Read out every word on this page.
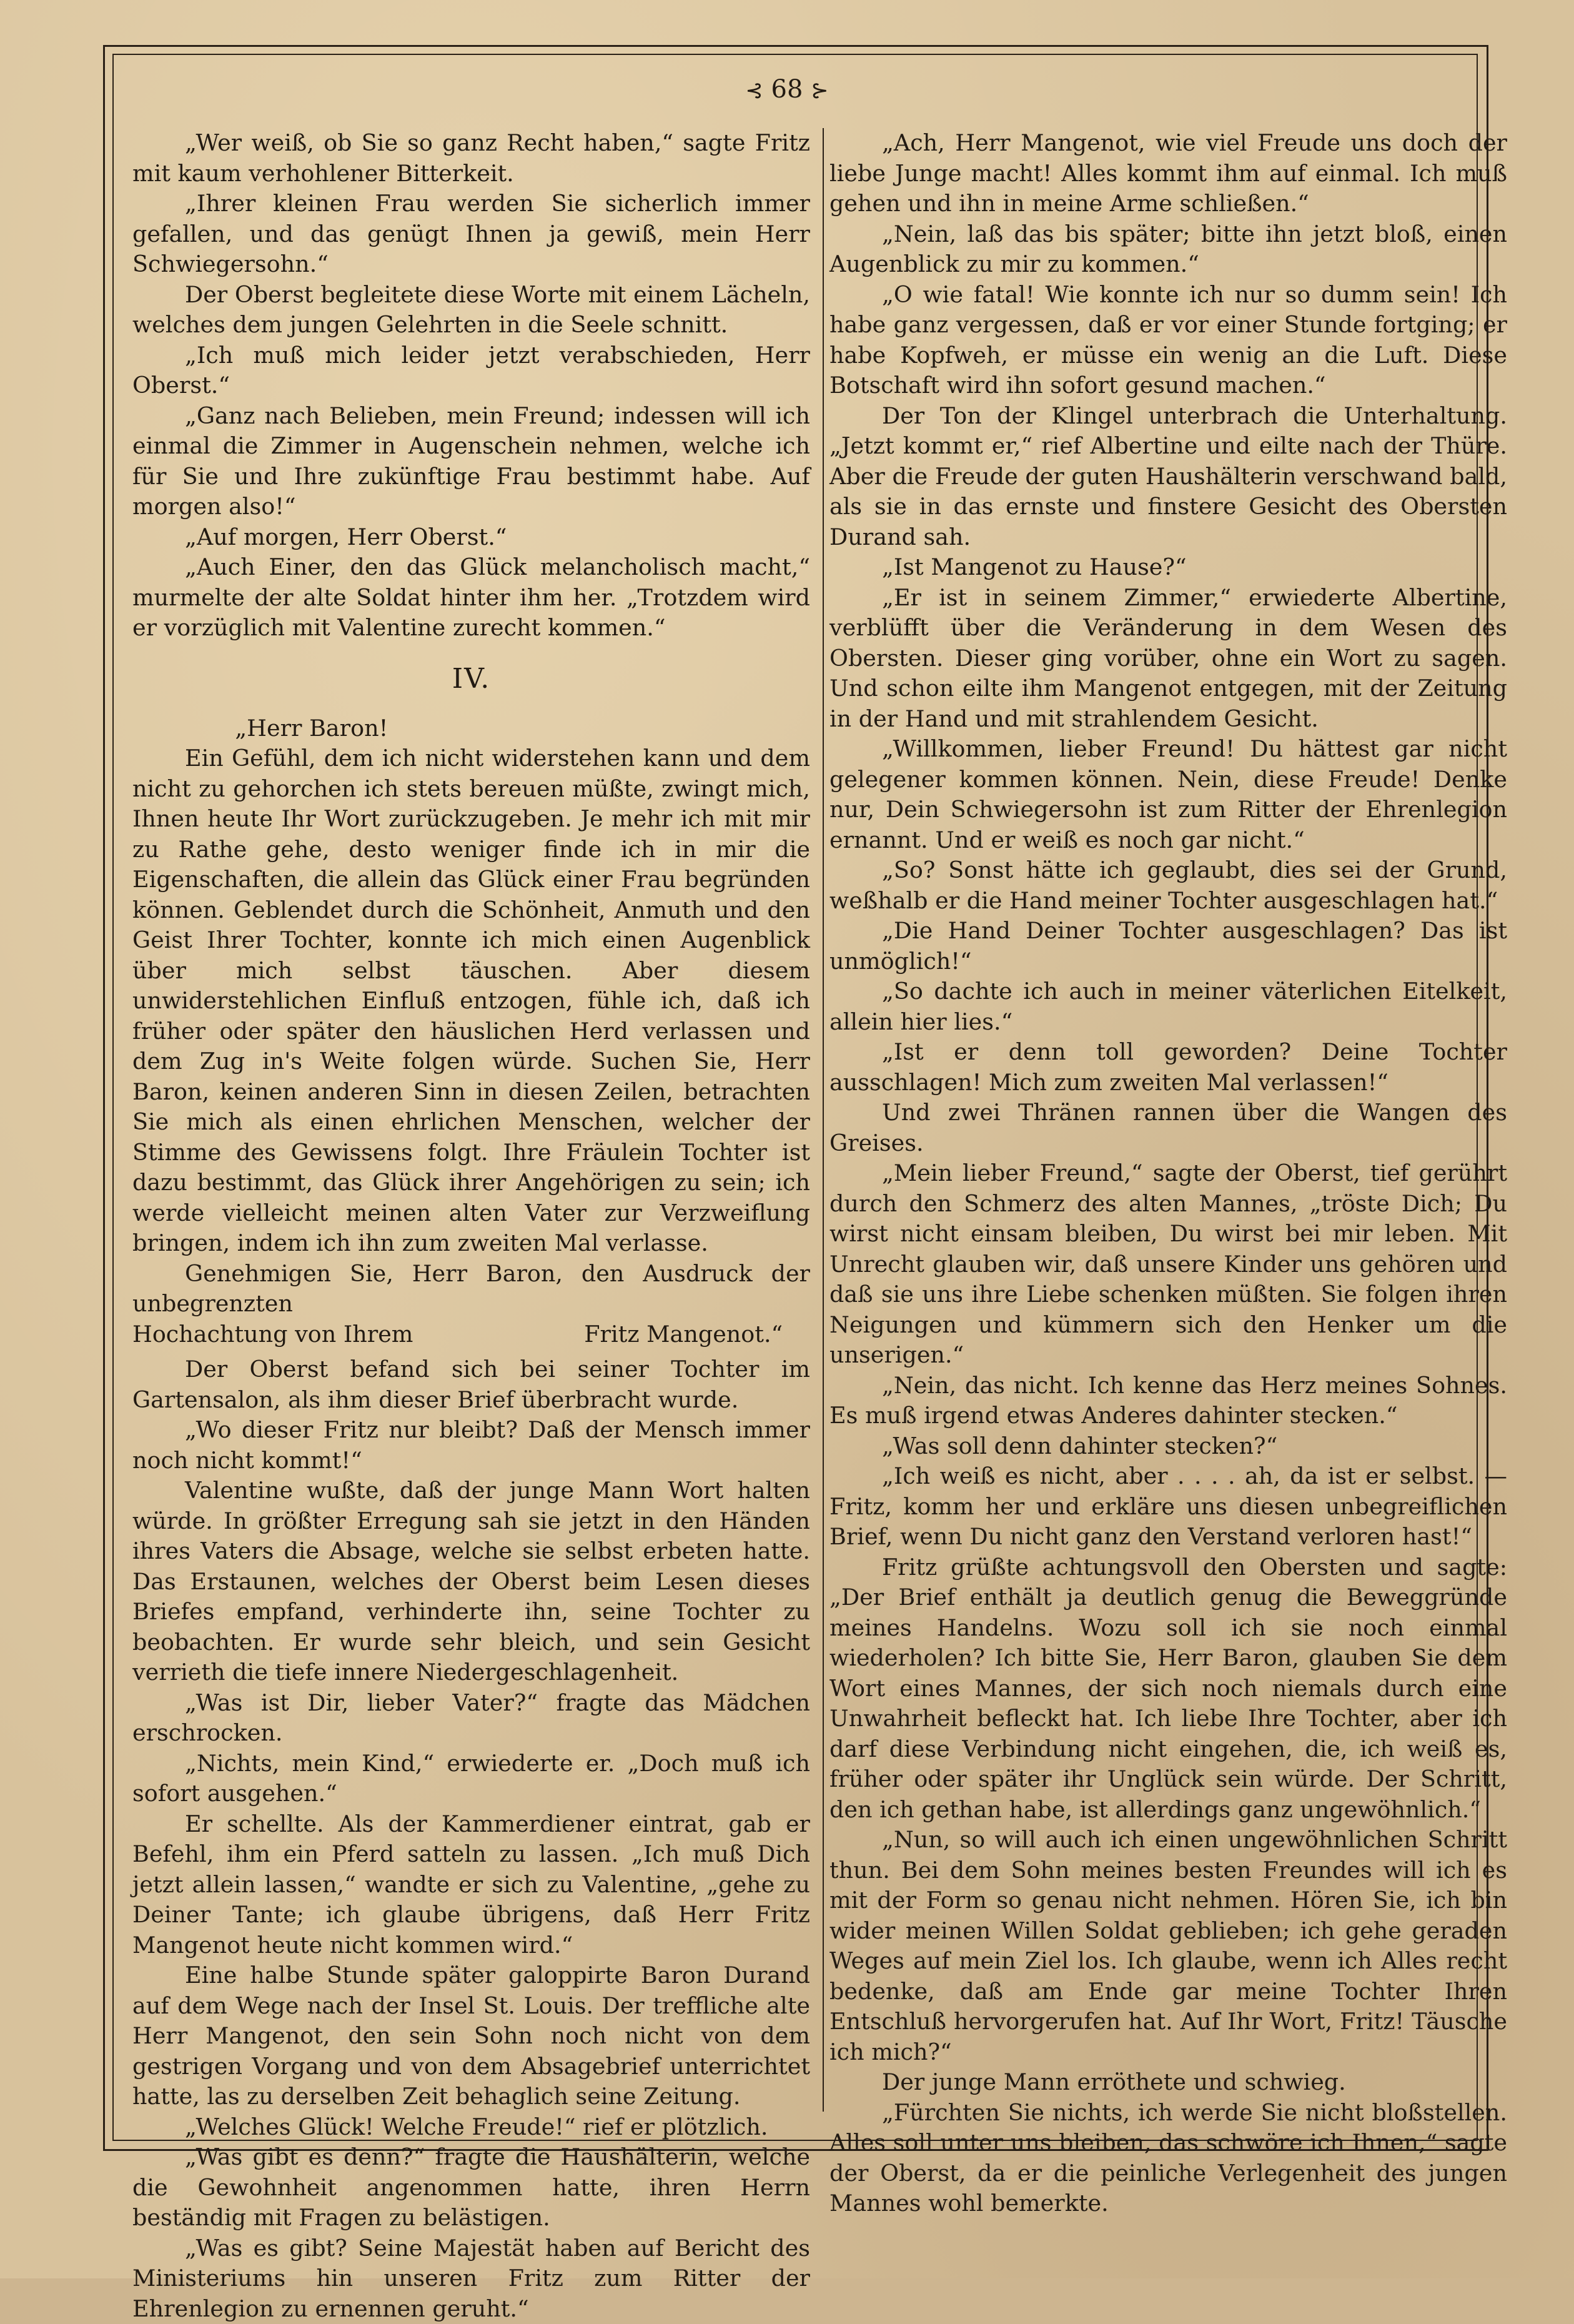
⊰ 68 ⊱

„Wer weiß, ob Sie so ganz Recht haben,“ sagte Fritz mit kaum verhohlener Bitterkeit.

„Ihrer kleinen Frau werden Sie sicherlich immer gefallen, und das genügt Ihnen ja gewiß, mein Herr Schwiegersohn.“

Der Oberst begleitete diese Worte mit einem Lächeln, welches dem jungen Gelehrten in die Seele schnitt.

„Ich muß mich leider jetzt verabschieden, Herr Oberst.“

„Ganz nach Belieben, mein Freund; indessen will ich einmal die Zimmer in Augenschein nehmen, welche ich für Sie und Ihre zukünftige Frau bestimmt habe. Auf morgen also!“

„Auf morgen, Herr Oberst.“

„Auch Einer, den das Glück melancholisch macht,“ murmelte der alte Soldat hinter ihm her. „Trotzdem wird er vorzüglich mit Valentine zurecht kommen.“

IV.

„Herr Baron!

Ein Gefühl, dem ich nicht widerstehen kann und dem nicht zu gehorchen ich stets bereuen müßte, zwingt mich, Ihnen heute Ihr Wort zurückzugeben. Je mehr ich mit mir zu Rathe gehe, desto weniger finde ich in mir die Eigenschaften, die allein das Glück einer Frau begründen können. Geblendet durch die Schönheit, Anmuth und den Geist Ihrer Tochter, konnte ich mich einen Augenblick über mich selbst täuschen. Aber diesem unwiderstehlichen Einfluß entzogen, fühle ich, daß ich früher oder später den häuslichen Herd verlassen und dem Zug in's Weite folgen würde. Suchen Sie, Herr Baron, keinen anderen Sinn in diesen Zeilen, betrachten Sie mich als einen ehrlichen Menschen, welcher der Stimme des Gewissens folgt. Ihre Fräulein Tochter ist dazu bestimmt, das Glück ihrer Angehörigen zu sein; ich werde vielleicht meinen alten Vater zur Verzweiflung bringen, indem ich ihn zum zweiten Mal verlasse.

Genehmigen Sie, Herr Baron, den Ausdruck der unbegrenzten

Hochachtung von Ihrem	Fritz Mangenot.“

Der Oberst befand sich bei seiner Tochter im Gartensalon, als ihm dieser Brief überbracht wurde.

„Wo dieser Fritz nur bleibt? Daß der Mensch immer noch nicht kommt!“

Valentine wußte, daß der junge Mann Wort halten würde. In größter Erregung sah sie jetzt in den Händen ihres Vaters die Absage, welche sie selbst erbeten hatte. Das Erstaunen, welches der Oberst beim Lesen dieses Briefes empfand, verhinderte ihn, seine Tochter zu beobachten. Er wurde sehr bleich, und sein Gesicht verrieth die tiefe innere Niedergeschlagenheit.

„Was ist Dir, lieber Vater?“ fragte das Mädchen erschrocken.

„Nichts, mein Kind,“ erwiederte er. „Doch muß ich sofort ausgehen.“

Er schellte. Als der Kammerdiener eintrat, gab er Befehl, ihm ein Pferd satteln zu lassen. „Ich muß Dich jetzt allein lassen,“ wandte er sich zu Valentine, „gehe zu Deiner Tante; ich glaube übrigens, daß Herr Fritz Mangenot heute nicht kommen wird.“

Eine halbe Stunde später galoppirte Baron Durand auf dem Wege nach der Insel St. Louis. Der treffliche alte Herr Mangenot, den sein Sohn noch nicht von dem gestrigen Vorgang und von dem Absagebrief unterrichtet hatte, las zu derselben Zeit behaglich seine Zeitung.

„Welches Glück! Welche Freude!“ rief er plötzlich.

„Was gibt es denn?“ fragte die Haushälterin, welche die Gewohnheit angenommen hatte, ihren Herrn beständig mit Fragen zu belästigen.

„Was es gibt? Seine Majestät haben auf Bericht des Ministeriums hin unseren Fritz zum Ritter der Ehrenlegion zu ernennen geruht.“

„Ach, Herr Mangenot, wie viel Freude uns doch der liebe Junge macht! Alles kommt ihm auf einmal. Ich muß gehen und ihn in meine Arme schließen.“

„Nein, laß das bis später; bitte ihn jetzt bloß, einen Augenblick zu mir zu kommen.“

„O wie fatal! Wie konnte ich nur so dumm sein! Ich habe ganz vergessen, daß er vor einer Stunde fortging; er habe Kopfweh, er müsse ein wenig an die Luft. Diese Botschaft wird ihn sofort gesund machen.“

Der Ton der Klingel unterbrach die Unterhaltung. „Jetzt kommt er,“ rief Albertine und eilte nach der Thüre. Aber die Freude der guten Haushälterin verschwand bald, als sie in das ernste und finstere Gesicht des Obersten Durand sah.

„Ist Mangenot zu Hause?“

„Er ist in seinem Zimmer,“ erwiederte Albertine, verblüfft über die Veränderung in dem Wesen des Obersten. Dieser ging vorüber, ohne ein Wort zu sagen. Und schon eilte ihm Mangenot entgegen, mit der Zeitung in der Hand und mit strahlendem Gesicht.

„Willkommen, lieber Freund! Du hättest gar nicht gelegener kommen können. Nein, diese Freude! Denke nur, Dein Schwiegersohn ist zum Ritter der Ehrenlegion ernannt. Und er weiß es noch gar nicht.“

„So? Sonst hätte ich geglaubt, dies sei der Grund, weßhalb er die Hand meiner Tochter ausgeschlagen hat.“

„Die Hand Deiner Tochter ausgeschlagen? Das ist unmöglich!“

„So dachte ich auch in meiner väterlichen Eitelkeit, allein hier lies.“

„Ist er denn toll geworden? Deine Tochter ausschlagen! Mich zum zweiten Mal verlassen!“

Und zwei Thränen rannen über die Wangen des Greises.

„Mein lieber Freund,“ sagte der Oberst, tief gerührt durch den Schmerz des alten Mannes, „tröste Dich; Du wirst nicht einsam bleiben, Du wirst bei mir leben. Mit Unrecht glauben wir, daß unsere Kinder uns gehören und daß sie uns ihre Liebe schenken müßten. Sie folgen ihren Neigungen und kümmern sich den Henker um die unserigen.“

„Nein, das nicht. Ich kenne das Herz meines Sohnes. Es muß irgend etwas Anderes dahinter stecken.“

„Was soll denn dahinter stecken?“

„Ich weiß es nicht, aber . . . . ah, da ist er selbst. — Fritz, komm her und erkläre uns diesen unbegreiflichen Brief, wenn Du nicht ganz den Verstand verloren hast!“

Fritz grüßte achtungsvoll den Obersten und sagte: „Der Brief enthält ja deutlich genug die Beweggründe meines Handelns. Wozu soll ich sie noch einmal wiederholen? Ich bitte Sie, Herr Baron, glauben Sie dem Wort eines Mannes, der sich noch niemals durch eine Unwahrheit befleckt hat. Ich liebe Ihre Tochter, aber ich darf diese Verbindung nicht eingehen, die, ich weiß es, früher oder später ihr Unglück sein würde. Der Schritt, den ich gethan habe, ist allerdings ganz ungewöhnlich.“

„Nun, so will auch ich einen ungewöhnlichen Schritt thun. Bei dem Sohn meines besten Freundes will ich es mit der Form so genau nicht nehmen. Hören Sie, ich bin wider meinen Willen Soldat geblieben; ich gehe geraden Weges auf mein Ziel los. Ich glaube, wenn ich Alles recht bedenke, daß am Ende gar meine Tochter Ihren Entschluß hervorgerufen hat. Auf Ihr Wort, Fritz! Täusche ich mich?“

Der junge Mann erröthete und schwieg.

„Fürchten Sie nichts, ich werde Sie nicht bloßstellen. Alles soll unter uns bleiben, das schwöre ich Ihnen,“ sagte der Oberst, da er die peinliche Verlegenheit des jungen Mannes wohl bemerkte.
